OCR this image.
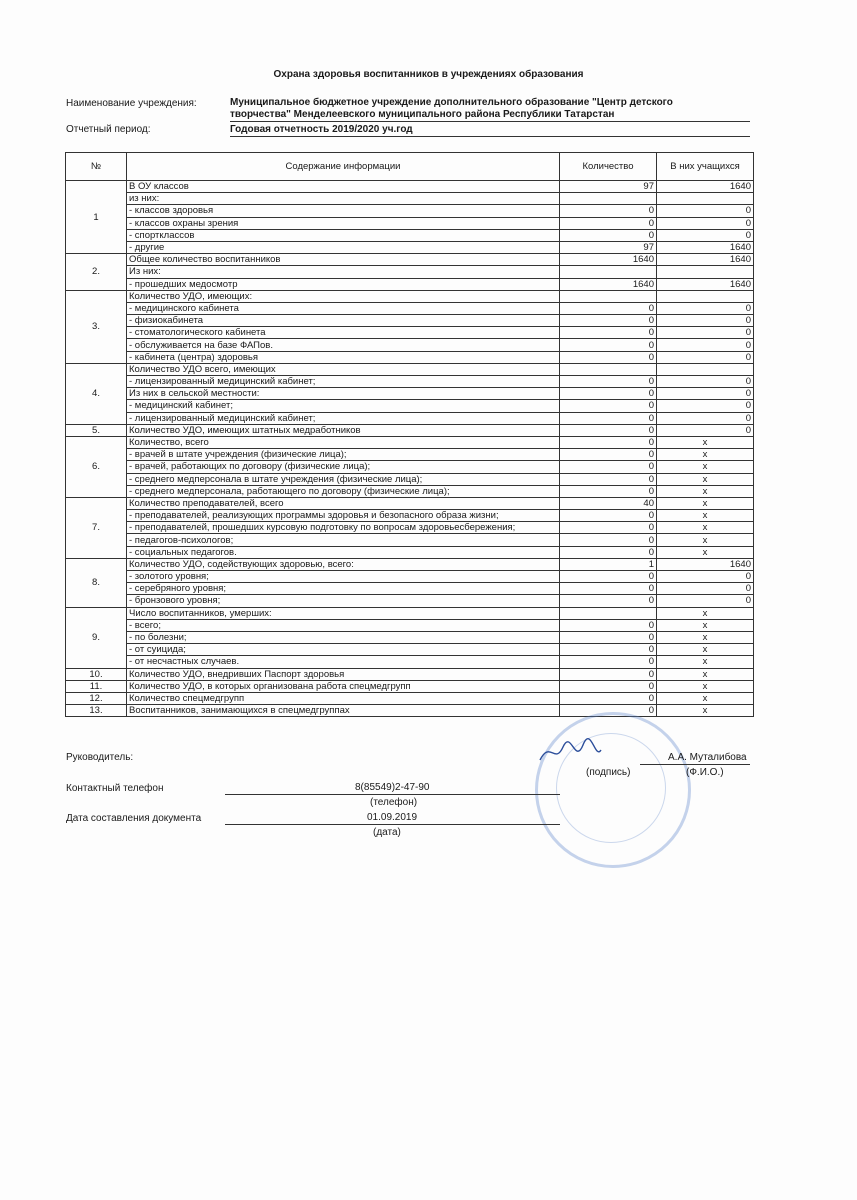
Охрана здоровья воспитанников в учреждениях образования
Наименование учреждения:	Муниципальное бюджетное учреждение дополнительного образование "Центр детского
творчества" Менделеевского муниципального района Республики Татарстан
Отчетный период:	Годовая отчетность 2019/2020 уч.год
№	Содержание информации	Количество	В них учащихся
1	В ОУ классов	97	1640
	из них:		
	- классов здоровья	0	0
	- классов охраны зрения	0	0
	- спортклассов	0	0
	- другие	97	1640
2.	Общее количество воспитанников	1640	1640
	Из них:		
	- прошедших медосмотр	1640	1640
3.	Количество УДО, имеющих:		
	- медицинского кабинета	0	0
	- физиокабинета	0	0
	- стоматологического кабинета	0	0
	- обслуживается на базе ФАПов.	0	0
	- кабинета (центра) здоровья	0	0
4.	Количество УДО всего, имеющих		
	- лицензированный медицинский кабинет;	0	0
	Из них в сельской местности:	0	0
	- медицинский кабинет;	0	0
	- лицензированный медицинский кабинет;	0	0
5.	Количество УДО, имеющих штатных медработников	0	0
6.	Количество, всего	0	х
	- врачей в штате учреждения (физические лица);	0	х
	- врачей, работающих по договору (физические лица);	0	х
	- среднего медперсонала в штате учреждения (физические лица);	0	х
	- среднего медперсонала, работающего по договору (физические лица);	0	х
7.	Количество преподавателей, всего	40	х
	- преподавателей, реализующих программы здоровья и безопасного образа жизни;	0	х
	- преподавателей, прошедших курсовую подготовку по вопросам здоровьесбережения;	0	х
	- педагогов-психологов;	0	х
	- социальных педагогов.	0	х
8.	Количество УДО, содействующих здоровью, всего:	1	1640
	- золотого уровня;	0	0
	- серебряного уровня;	0	0
	- бронзового уровня;	0	0
9.	Число воспитанников, умерших:		х
	- всего;	0	х
	- по болезни;	0	х
	- от суицида;	0	х
	- от несчастных случаев.	0	х
10.	Количество УДО, внедривших Паспорт здоровья	0	х
11.	Количество УДО, в которых организована работа спецмедгрупп	0	х
12.	Количество спецмедгрупп	0	х
13.	Воспитанников, занимающихся в спецмедгруппах	0	х
Руководитель:
(подпись)
А.А. Муталибова
(Ф.И.О.)
Контактный телефон	8(85549)2-47-90
(телефон)
Дата составления документа	01.09.2019
(дата)
